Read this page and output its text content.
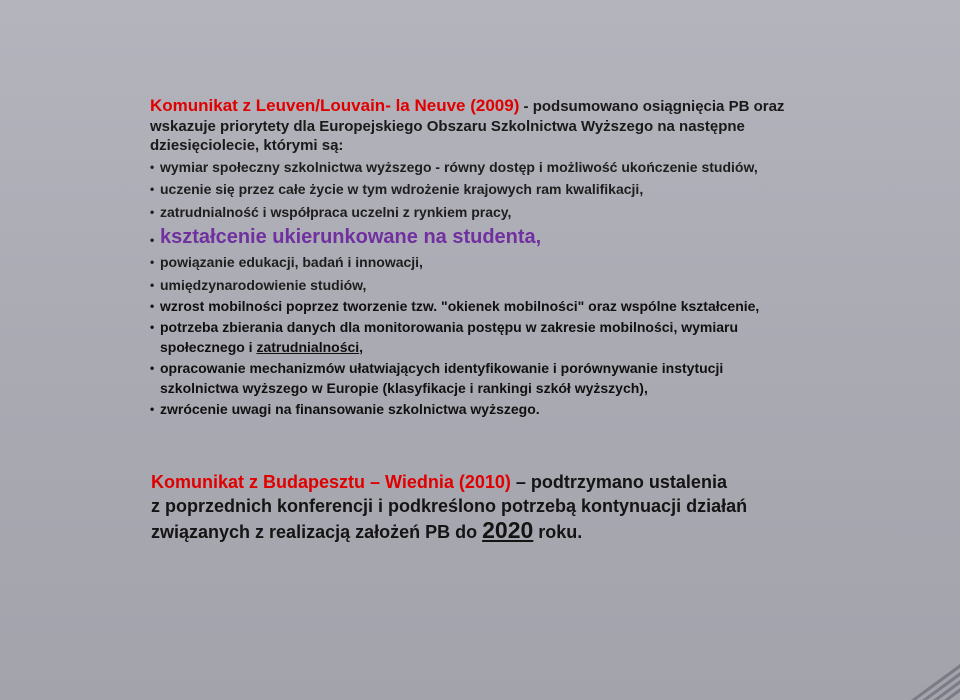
Komunikat z Leuven/Louvain- la Neuve (2009) - podsumowano osiągnięcia PB oraz
wskazuje priorytety dla Europejskiego Obszaru Szkolnictwa Wyższego na następne
dziesięciolecie, którymi są:

• wymiar społeczny szkolnictwa wyższego - równy dostęp i możliwość ukończenie studiów,
• uczenie się przez całe życie w tym wdrożenie krajowych ram kwalifikacji,
• zatrudnialność i współpraca uczelni z rynkiem pracy,
• kształcenie ukierunkowane na studenta,
• powiązanie edukacji, badań i innowacji,
• umiędzynarodowienie studiów,
• wzrost mobilności poprzez tworzenie tzw. "okienek mobilności" oraz wspólne kształcenie,
• potrzeba zbierania danych dla monitorowania postępu w zakresie mobilności, wymiaru
społecznego i zatrudnialności,
• opracowanie mechanizmów ułatwiających identyfikowanie i porównywanie instytucji
szkolnictwa wyższego w Europie (klasyfikacje i rankingi szkół wyższych),
• zwrócenie uwagi na finansowanie szkolnictwa wyższego.

Komunikat z Budapesztu – Wiednia (2010) – podtrzymano ustalenia
z poprzednich konferencji i podkreślono potrzebą kontynuacji działań
związanych z realizacją założeń PB do 2020 roku.
